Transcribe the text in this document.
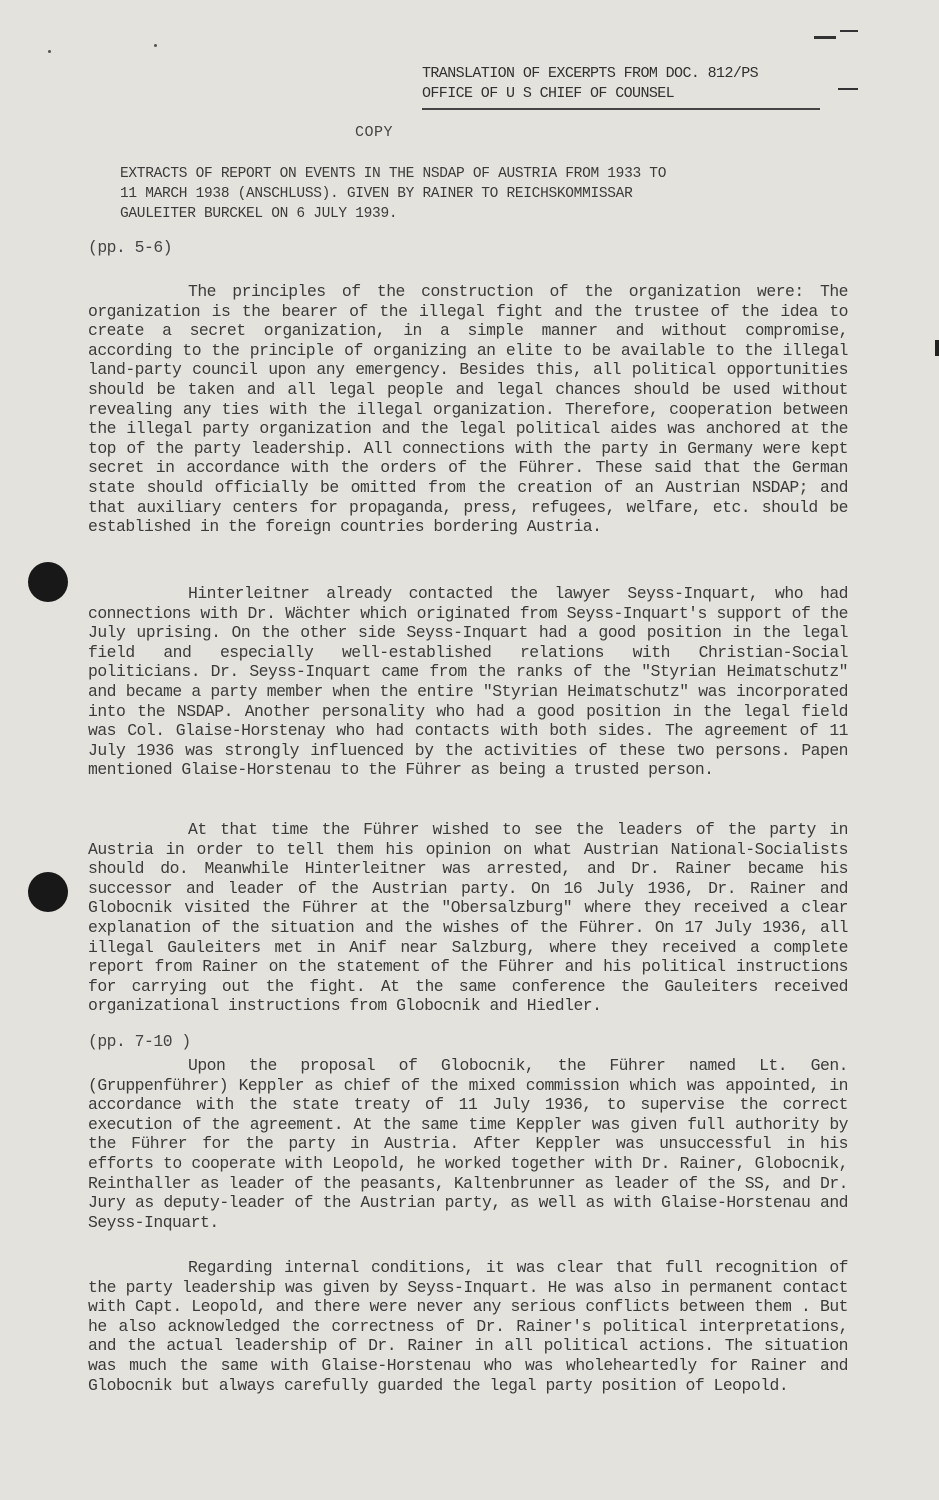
TRANSLATION OF EXCERPTS FROM DOC. 812/PS
OFFICE OF U S CHIEF OF COUNSEL
COPY
EXTRACTS OF REPORT ON EVENTS IN THE NSDAP OF AUSTRIA FROM 1933 TO
11 MARCH 1938 (ANSCHLUSS). GIVEN BY RAINER TO REICHSKOMMISSAR
GAULEITER BURCKEL ON 6 JULY 1939.
(pp. 5-6)
The principles of the construction of the organization were: The organization is the bearer of the illegal fight and the trustee of the idea to create a secret organization, in a simple manner and without compromise, according to the principle of organizing an elite to be available to the illegal land-party council upon any emergency. Besides this, all political opportunities should be taken and all legal people and legal chances should be used without revealing any ties with the illegal organization. Therefore, cooperation between the illegal party organization and the legal political aides was anchored at the top of the party leadership. All connections with the party in Germany were kept secret in accordance with the orders of the Führer. These said that the German state should officially be omitted from the creation of an Austrian NSDAP; and that auxiliary centers for propaganda, press, refugees, welfare, etc. should be established in the foreign countries bordering Austria.
Hinterleitner already contacted the lawyer Seyss-Inquart, who had connections with Dr. Wächter which originated from Seyss-Inquart's support of the July uprising. On the other side Seyss-Inquart had a good position in the legal field and especially well-established relations with Christian-Social politicians. Dr. Seyss-Inquart came from the ranks of the "Styrian Heimatschutz" and became a party member when the entire "Styrian Heimatschutz" was incorporated into the NSDAP. Another personality who had a good position in the legal field was Col. Glaise-Horstenay who had contacts with both sides. The agreement of 11 July 1936 was strongly influenced by the activities of these two persons. Papen mentioned Glaise-Horstenau to the Führer as being a trusted person.
At that time the Führer wished to see the leaders of the party in Austria in order to tell them his opinion on what Austrian National-Socialists should do. Meanwhile Hinterleitner was arrested, and Dr. Rainer became his successor and leader of the Austrian party. On 16 July 1936, Dr. Rainer and Globocnik visited the Führer at the "Obersalzburg" where they received a clear explanation of the situation and the wishes of the Führer. On 17 July 1936, all illegal Gauleiters met in Anif near Salzburg, where they received a complete report from Rainer on the statement of the Führer and his political instructions for carrying out the fight. At the same conference the Gauleiters received organizational instructions from Globocnik and Hiedler.
(pp. 7-10 )
Upon the proposal of Globocnik, the Führer named Lt. Gen. (Gruppenführer) Keppler as chief of the mixed commission which was appointed, in accordance with the state treaty of 11 July 1936, to supervise the correct execution of the agreement. At the same time Keppler was given full authority by the Führer for the party in Austria. After Keppler was unsuccessful in his efforts to cooperate with Leopold, he worked together with Dr. Rainer, Globocnik, Reinthaller as leader of the peasants, Kaltenbrunner as leader of the SS, and Dr. Jury as deputy-leader of the Austrian party, as well as with Glaise-Horstenau and Seyss-Inquart.
Regarding internal conditions, it was clear that full recognition of the party leadership was given by Seyss-Inquart. He was also in permanent contact with Capt. Leopold, and there were never any serious conflicts between them . But he also acknowledged the correctness of Dr. Rainer's political interpretations, and the actual leadership of Dr. Rainer in all political actions. The situation was much the same with Glaise-Horstenau who was wholeheartedly for Rainer and Globocnik but always carefully guarded the legal party position of Leopold.
